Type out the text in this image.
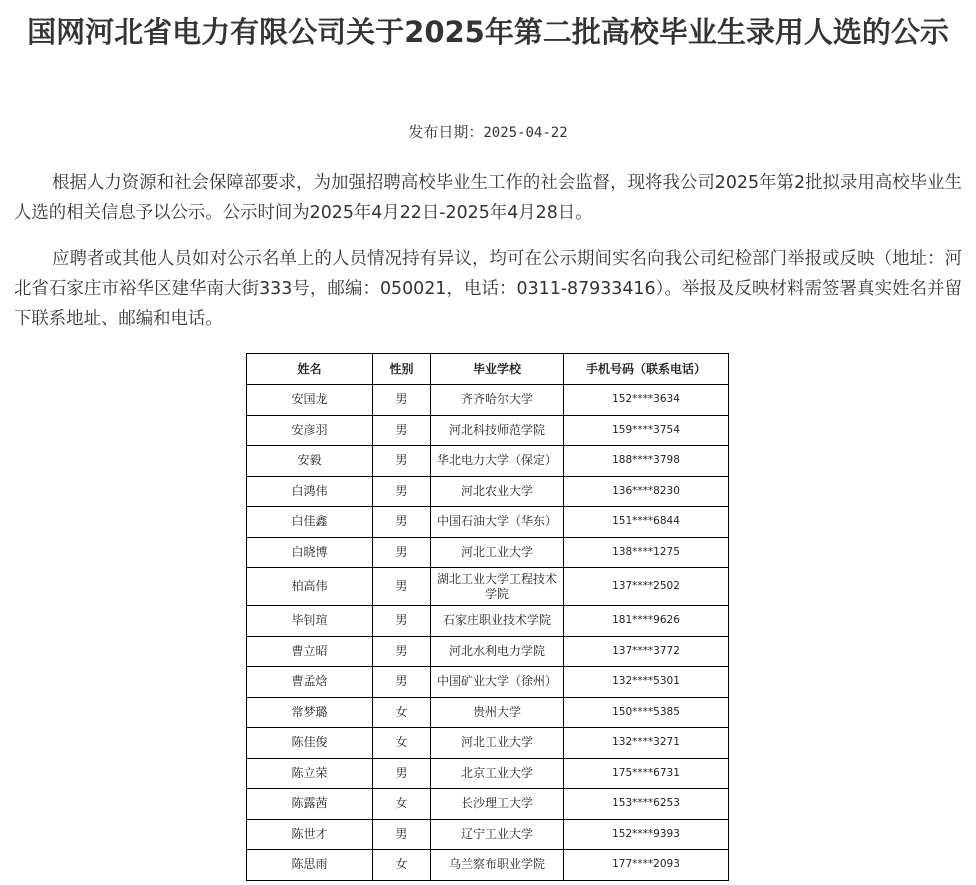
国网河北省电力有限公司关于2025年第二批高校毕业生录用人选的公示
发布日期：2025-04-22

根据人力资源和社会保障部要求，为加强招聘高校毕业生工作的社会监督，现将我公司2025年第2批拟录用高校毕业生人选的相关信息予以公示。公示时间为2025年4月22日-2025年4月28日。

应聘者或其他人员如对公示名单上的人员情况持有异议，均可在公示期间实名向我公司纪检部门举报或反映（地址：河北省石家庄市裕华区建华南大街333号，邮编：050021，电话：0311-87933416）。举报及反映材料需签署真实姓名并留下联系地址、邮编和电话。

姓名	性别	毕业学校	手机号码（联系电话）
安国龙	男	齐齐哈尔大学	152****3634
安彦羽	男	河北科技师范学院	159****3754
安毅	男	华北电力大学（保定）	188****3798
白鸿伟	男	河北农业大学	136****8230
白佳鑫	男	中国石油大学（华东）	151****6844
白晓博	男	河北工业大学	138****1275
柏高伟	男	湖北工业大学工程技术学院	137****2502
毕钊瑄	男	石家庄职业技术学院	181****9626
曹立昭	男	河北水利电力学院	137****3772
曹孟焓	男	中国矿业大学（徐州）	132****5301
常梦璐	女	贵州大学	150****5385
陈佳俊	女	河北工业大学	132****3271
陈立荣	男	北京工业大学	175****6731
陈露茜	女	长沙理工大学	153****6253
陈世才	男	辽宁工业大学	152****9393
陈思雨	女	乌兰察布职业学院	177****2093
